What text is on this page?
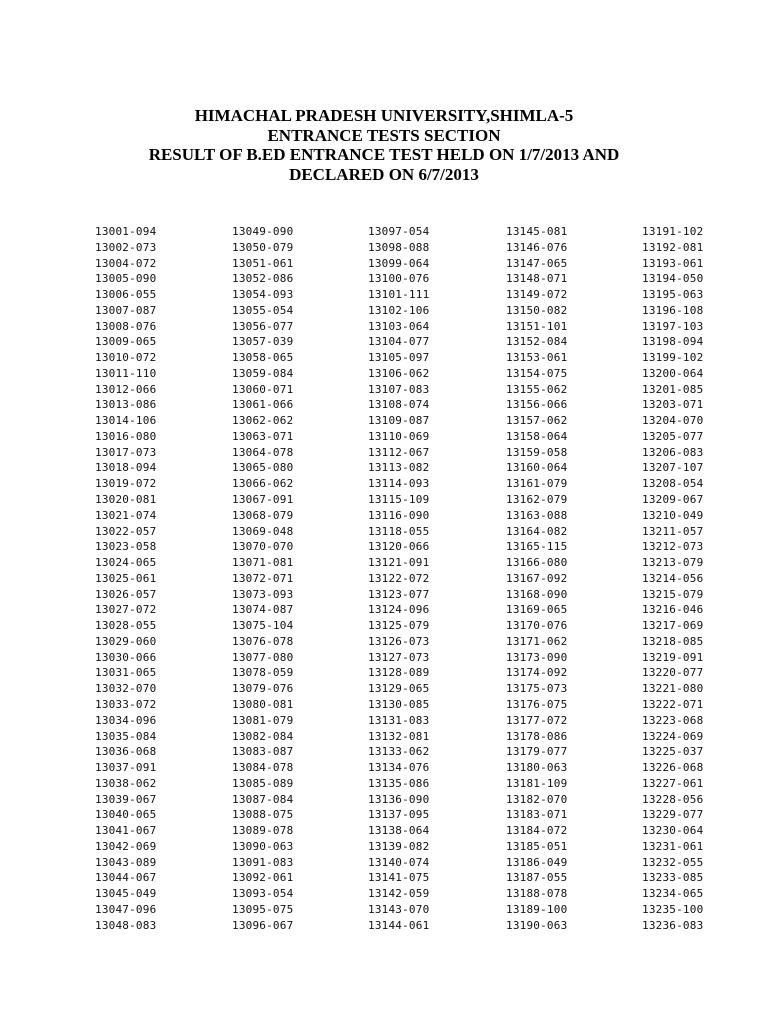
HIMACHAL PRADESH UNIVERSITY,SHIMLA-5
ENTRANCE TESTS SECTION
RESULT OF B.ED ENTRANCE TEST HELD ON 1/7/2013 AND
DECLARED ON 6/7/2013
13001-094
13002-073
13004-072
13005-090
13006-055
13007-087
13008-076
13009-065
13010-072
13011-110
13012-066
13013-086
13014-106
13016-080
13017-073
13018-094
13019-072
13020-081
13021-074
13022-057
13023-058
13024-065
13025-061
13026-057
13027-072
13028-055
13029-060
13030-066
13031-065
13032-070
13033-072
13034-096
13035-084
13036-068
13037-091
13038-062
13039-067
13040-065
13041-067
13042-069
13043-089
13044-067
13045-049
13047-096
13048-083
13049-090
13050-079
13051-061
13052-086
13054-093
13055-054
13056-077
13057-039
13058-065
13059-084
13060-071
13061-066
13062-062
13063-071
13064-078
13065-080
13066-062
13067-091
13068-079
13069-048
13070-070
13071-081
13072-071
13073-093
13074-087
13075-104
13076-078
13077-080
13078-059
13079-076
13080-081
13081-079
13082-084
13083-087
13084-078
13085-089
13087-084
13088-075
13089-078
13090-063
13091-083
13092-061
13093-054
13095-075
13096-067
13097-054
13098-088
13099-064
13100-076
13101-111
13102-106
13103-064
13104-077
13105-097
13106-062
13107-083
13108-074
13109-087
13110-069
13112-067
13113-082
13114-093
13115-109
13116-090
13118-055
13120-066
13121-091
13122-072
13123-077
13124-096
13125-079
13126-073
13127-073
13128-089
13129-065
13130-085
13131-083
13132-081
13133-062
13134-076
13135-086
13136-090
13137-095
13138-064
13139-082
13140-074
13141-075
13142-059
13143-070
13144-061
13145-081
13146-076
13147-065
13148-071
13149-072
13150-082
13151-101
13152-084
13153-061
13154-075
13155-062
13156-066
13157-062
13158-064
13159-058
13160-064
13161-079
13162-079
13163-088
13164-082
13165-115
13166-080
13167-092
13168-090
13169-065
13170-076
13171-062
13173-090
13174-092
13175-073
13176-075
13177-072
13178-086
13179-077
13180-063
13181-109
13182-070
13183-071
13184-072
13185-051
13186-049
13187-055
13188-078
13189-100
13190-063
13191-102
13192-081
13193-061
13194-050
13195-063
13196-108
13197-103
13198-094
13199-102
13200-064
13201-085
13203-071
13204-070
13205-077
13206-083
13207-107
13208-054
13209-067
13210-049
13211-057
13212-073
13213-079
13214-056
13215-079
13216-046
13217-069
13218-085
13219-091
13220-077
13221-080
13222-071
13223-068
13224-069
13225-037
13226-068
13227-061
13228-056
13229-077
13230-064
13231-061
13232-055
13233-085
13234-065
13235-100
13236-083
